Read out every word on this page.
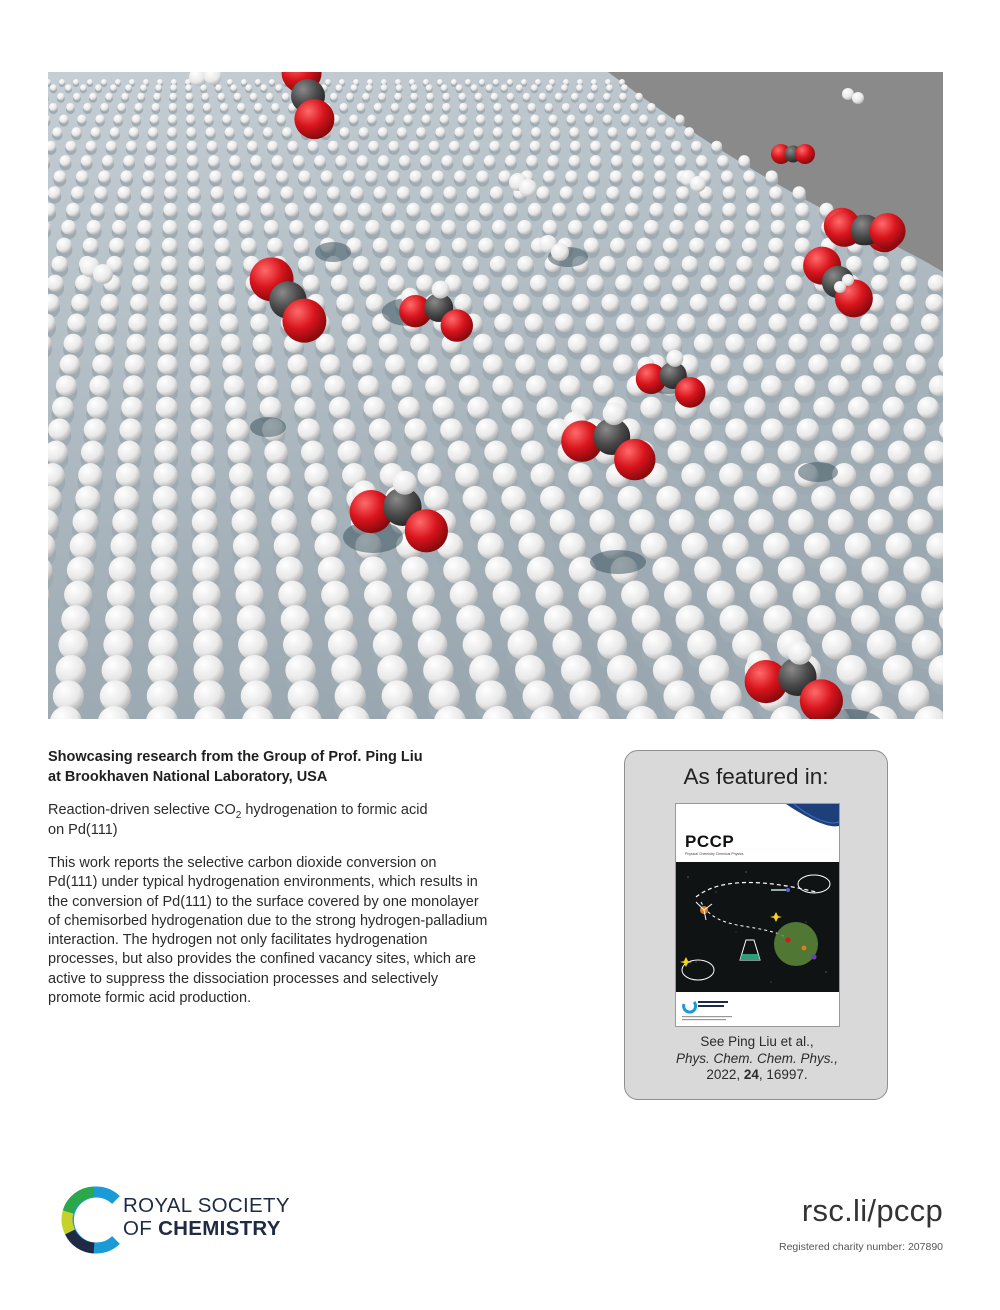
Showcasing research from the Group of Prof. Ping Liu
at Brookhaven National Laboratory, USA
Reaction-driven selective $CO_2$ hydrogenation to formic acid
on Pd(111)
This work reports the selective carbon dioxide conversion on Pd(111) under typical hydrogenation environments, which results in the conversion of Pd(111) to the surface covered by one monolayer of chemisorbed hydrogenation due to the strong hydrogen-palladium interaction. The hydrogen not only facilitates hydrogenation processes, but also provides the confined vacancy sites, which are active to suppress the dissociation processes and selectively promote formic acid production.
As featured in:
PCCP
Physical Chemistry Chemical Physics
See Ping Liu et al.,
Phys. Chem. Chem. Phys.,
2022, 24, 16997.
ROYAL SOCIETY
OF CHEMISTRY
rsc.li/pccp
Registered charity number: 207890
